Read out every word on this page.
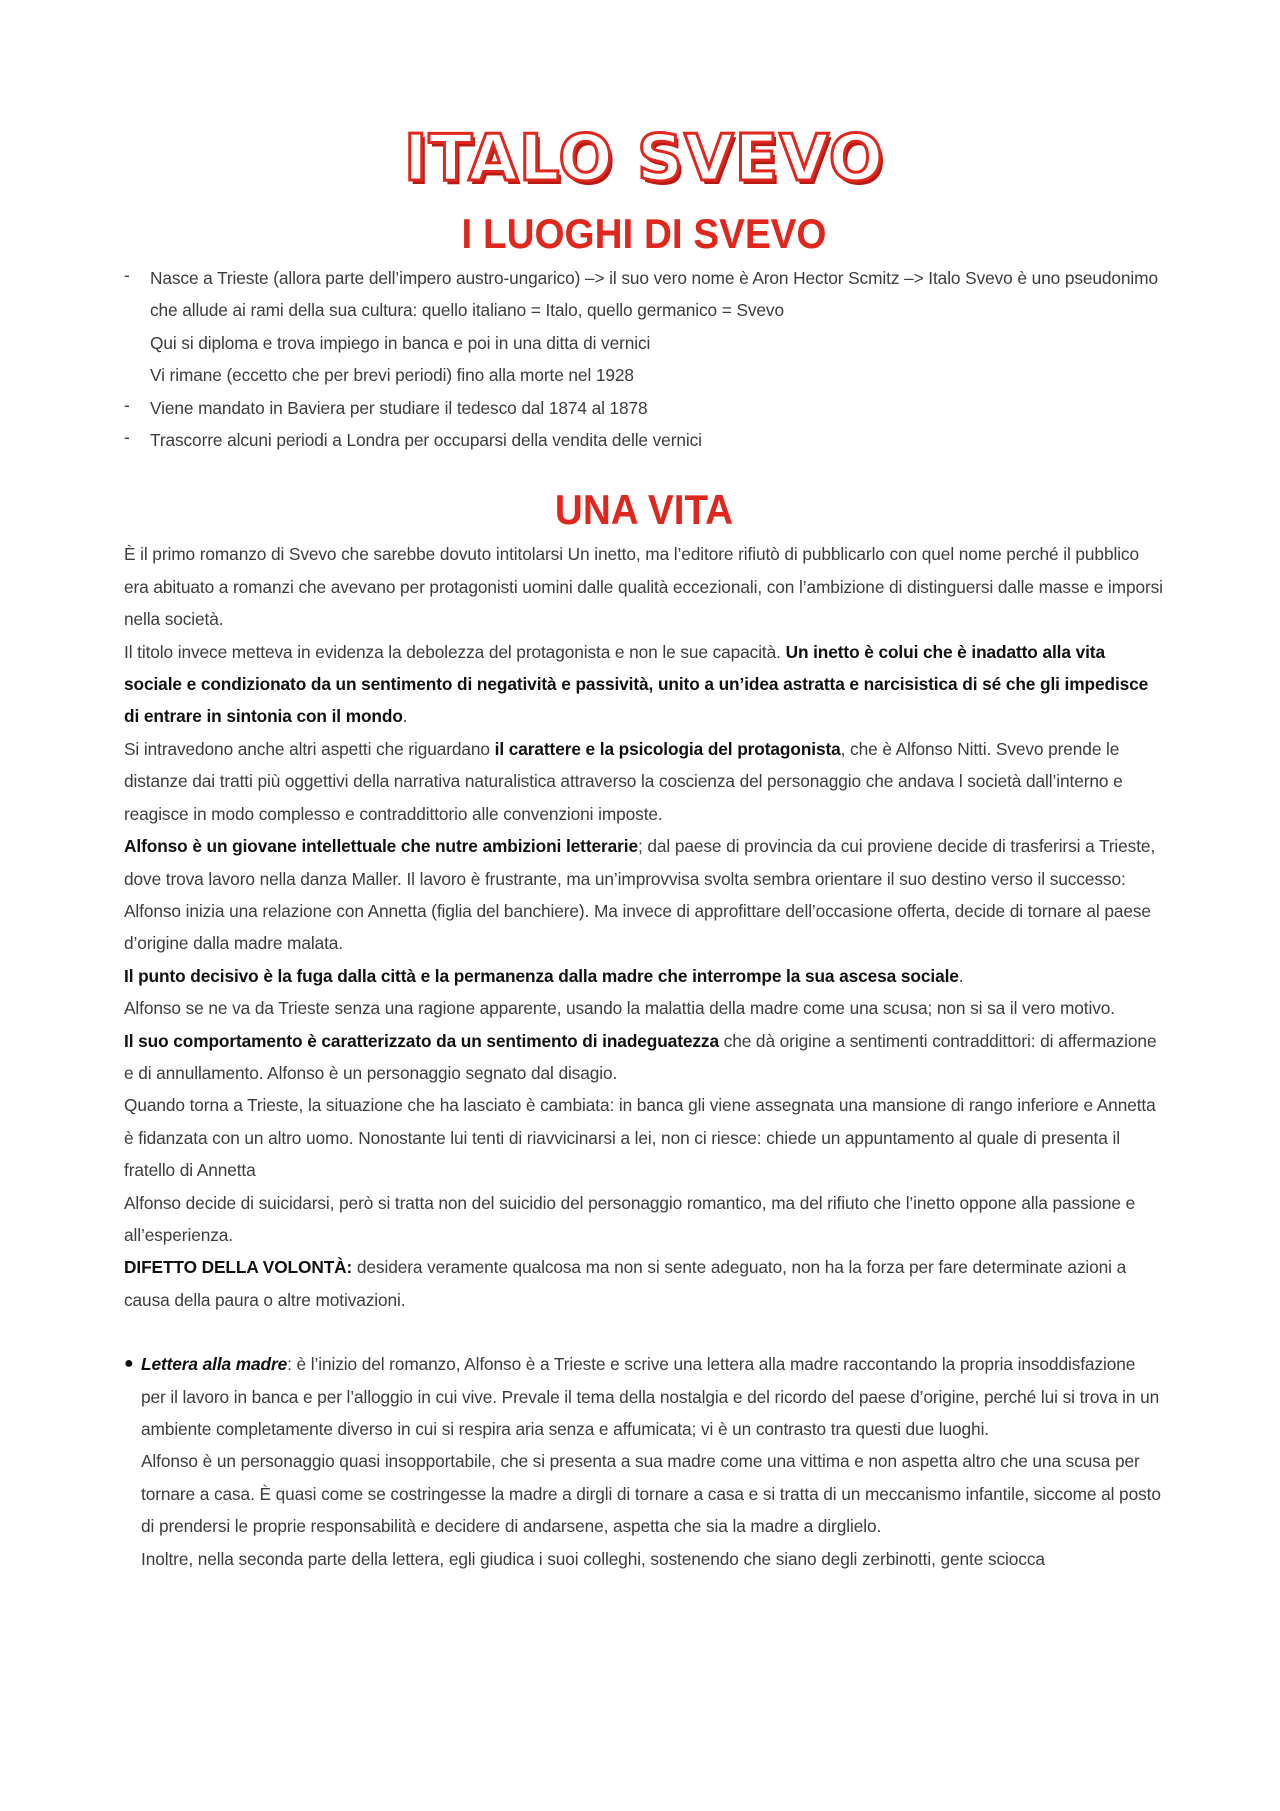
ITALO SVEVO
I LUOGHI DI SVEVO
- Nasce a Trieste (allora parte dell’impero austro-ungarico) –> il suo vero nome è Aron Hector Scmitz –> Italo Svevo è uno pseudonimo che allude ai rami della sua cultura: quello italiano = Italo, quello germanico = Svevo
Qui si diploma e trova impiego in banca e poi in una ditta di vernici
Vi rimane (eccetto che per brevi periodi) fino alla morte nel 1928
- Viene mandato in Baviera per studiare il tedesco dal 1874 al 1878
- Trascorre alcuni periodi a Londra per occuparsi della vendita delle vernici
UNA VITA

È il primo romanzo di Svevo che sarebbe dovuto intitolarsi Un inetto, ma l’editore rifiutò di pubblicarlo con quel nome perché il pubblico era abituato a romanzi che avevano per protagonisti uomini dalle qualità eccezionali, con l’ambizione di distinguersi dalle masse e imporsi nella società.

Il titolo invece metteva in evidenza la debolezza del protagonista e non le sue capacità. Un inetto è colui che è inadatto alla vita sociale e condizionato da un sentimento di negatività e passività, unito a un’idea astratta e narcisistica di sé che gli impedisce di entrare in sintonia con il mondo.

Si intravedono anche altri aspetti che riguardano il carattere e la psicologia del protagonista, che è Alfonso Nitti. Svevo prende le distanze dai tratti più oggettivi della narrativa naturalistica attraverso la coscienza del personaggio che andava l società dall’interno e reagisce in modo complesso e contraddittorio alle convenzioni imposte.

Alfonso è un giovane intellettuale che nutre ambizioni letterarie; dal paese di provincia da cui proviene decide di trasferirsi a Trieste, dove trova lavoro nella danza Maller. Il lavoro è frustrante, ma un’improvvisa svolta sembra orientare il suo destino verso il successo: Alfonso inizia una relazione con Annetta (figlia del banchiere). Ma invece di approfittare dell’occasione offerta, decide di tornare al paese d’origine dalla madre malata.

Il punto decisivo è la fuga dalla città e la permanenza dalla madre che interrompe la sua ascesa sociale.

Alfonso se ne va da Trieste senza una ragione apparente, usando la malattia della madre come una scusa; non si sa il vero motivo.

Il suo comportamento è caratterizzato da un sentimento di inadeguatezza che dà origine a sentimenti contraddittori: di affermazione e di annullamento. Alfonso è un personaggio segnato dal disagio.

Quando torna a Trieste, la situazione che ha lasciato è cambiata: in banca gli viene assegnata una mansione di rango inferiore e Annetta è fidanzata con un altro uomo. Nonostante lui tenti di riavvicinarsi a lei, non ci riesce: chiede un appuntamento al quale di presenta il fratello di Annetta

Alfonso decide di suicidarsi, però si tratta non del suicidio del personaggio romantico, ma del rifiuto che l’inetto oppone alla passione e all’esperienza.

DIFETTO DELLA VOLONTÀ: desidera veramente qualcosa ma non si sente adeguato, non ha la forza per fare determinate azioni a causa della paura o altre motivazioni.

● Lettera alla madre: è l’inizio del romanzo, Alfonso è a Trieste e scrive una lettera alla madre raccontando la propria insoddisfazione per il lavoro in banca e per l’alloggio in cui vive. Prevale il tema della nostalgia e del ricordo del paese d’origine, perché lui si trova in un ambiente completamente diverso in cui si respira aria senza e affumicata; vi è un contrasto tra questi due luoghi.

Alfonso è un personaggio quasi insopportabile, che si presenta a sua madre come una vittima e non aspetta altro che una scusa per tornare a casa. È quasi come se costringesse la madre a dirgli di tornare a casa e si tratta di un meccanismo infantile, siccome al posto di prendersi le proprie responsabilità e decidere di andarsene, aspetta che sia la madre a dirglielo.

Inoltre, nella seconda parte della lettera, egli giudica i suoi colleghi, sostenendo che siano degli zerbinotti, gente sciocca
